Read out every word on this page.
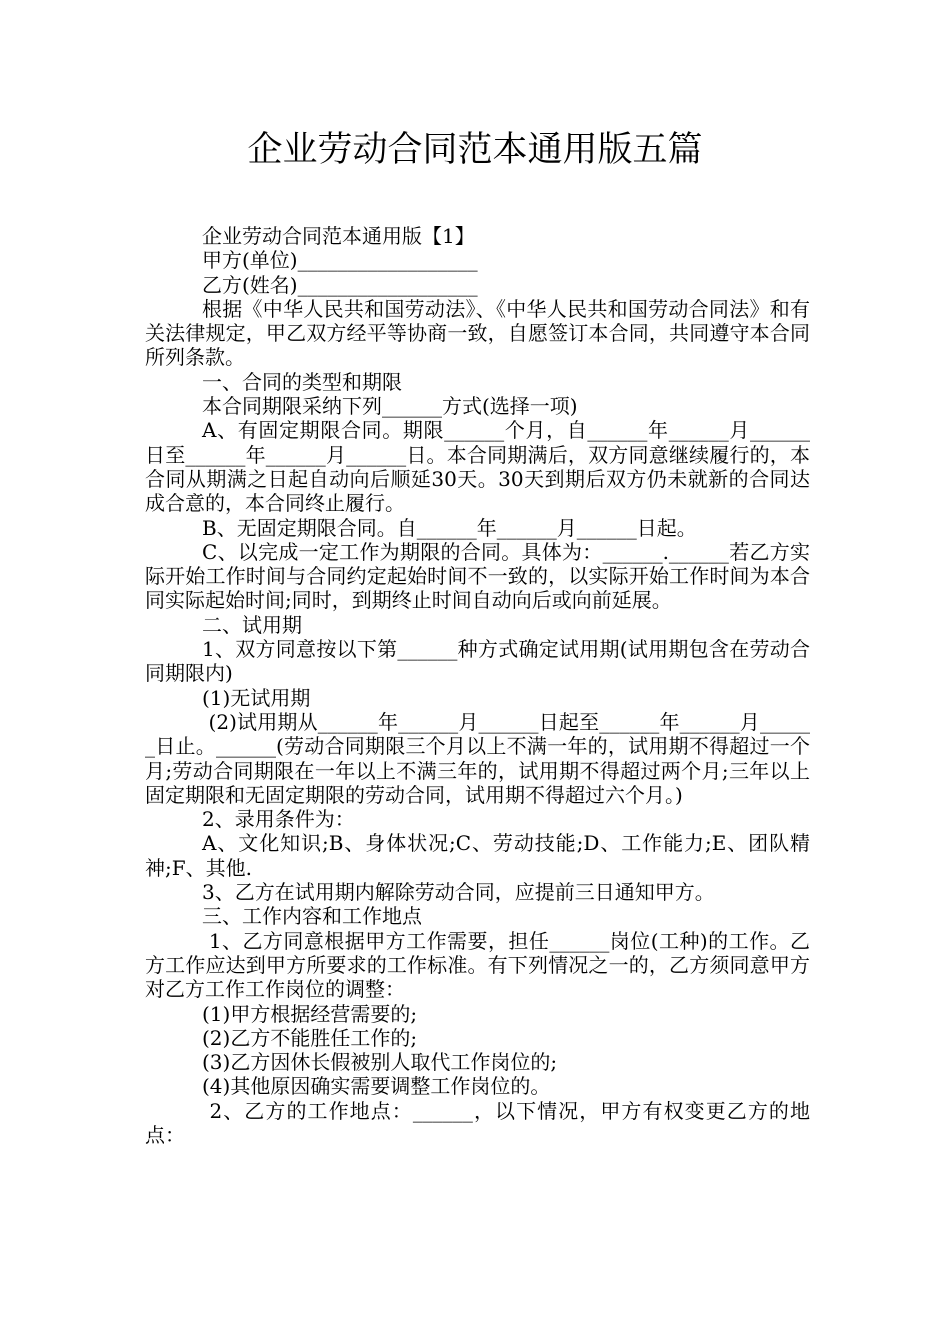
企业劳动合同范本通用版五篇

企业劳动合同范本通用版【1】

甲方(单位)__________________

乙方(姓名)__________________

根据《中华人民共和国劳动法》、《中华人民共和国劳动合同法》和有关法律规定，甲乙双方经平等协商一致，自愿签订本合同，共同遵守本合同所列条款。

一、合同的类型和期限

本合同期限采纳下列______方式(选择一项)

A、有固定期限合同。期限______个月，自______年______月______日至______年______月______日。本合同期满后，双方同意继续履行的，本合同从期满之日起自动向后顺延30天。30天到期后双方仍未就新的合同达成合意的，本合同终止履行。

B、无固定期限合同。自______年______月______日起。

C、以完成一定工作为期限的合同。具体为：______.______若乙方实际开始工作时间与合同约定起始时间不一致的，以实际开始工作时间为本合同实际起始时间;同时，到期终止时间自动向后或向前延展。

二、试用期

1、双方同意按以下第______种方式确定试用期(试用期包含在劳动合同期限内)

(1)无试用期

(2)试用期从______年______月______日起至______年______月______日止。______(劳动合同期限三个月以上不满一年的，试用期不得超过一个月;劳动合同期限在一年以上不满三年的，试用期不得超过两个月;三年以上固定期限和无固定期限的劳动合同，试用期不得超过六个月。)

2、录用条件为：

A、文化知识;B、身体状况;C、劳动技能;D、工作能力;E、团队精神;F、其他.

3、乙方在试用期内解除劳动合同，应提前三日通知甲方。

三、工作内容和工作地点

1、乙方同意根据甲方工作需要，担任______岗位(工种)的工作。乙方工作应达到甲方所要求的工作标准。有下列情况之一的，乙方须同意甲方对乙方工作工作岗位的调整：

(1)甲方根据经营需要的;

(2)乙方不能胜任工作的;

(3)乙方因休长假被别人取代工作岗位的;

(4)其他原因确实需要调整工作岗位的。

2、乙方的工作地点：______，以下情况，甲方有权变更乙方的地点：
